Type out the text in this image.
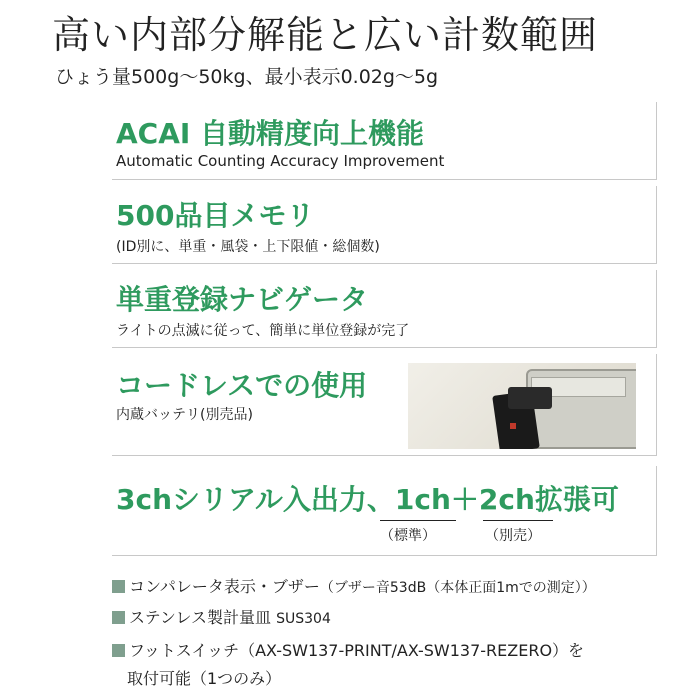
高い内部分解能と広い計数範囲
ひょう量500g〜50kg、最小表示0.02g〜5g
ACAI 自動精度向上機能
Automatic Counting Accuracy Improvement
500品目メモリ
(ID別に、単重・風袋・上下限値・総個数)
単重登録ナビゲータ
ライトの点滅に従って、簡単に単位登録が完了
コードレスでの使用
内蔵バッテリ(別売品)
3chシリアル入出力、1ch＋2ch拡張可
（標準）	（別売）
コンパレータ表示・ブザー（ブザー音53dB（本体正面1mでの測定））
ステンレス製計量皿 SUS304
フットスイッチ（AX-SW137-PRINT/AX-SW137-REZERO）を
取付可能（1つのみ）
